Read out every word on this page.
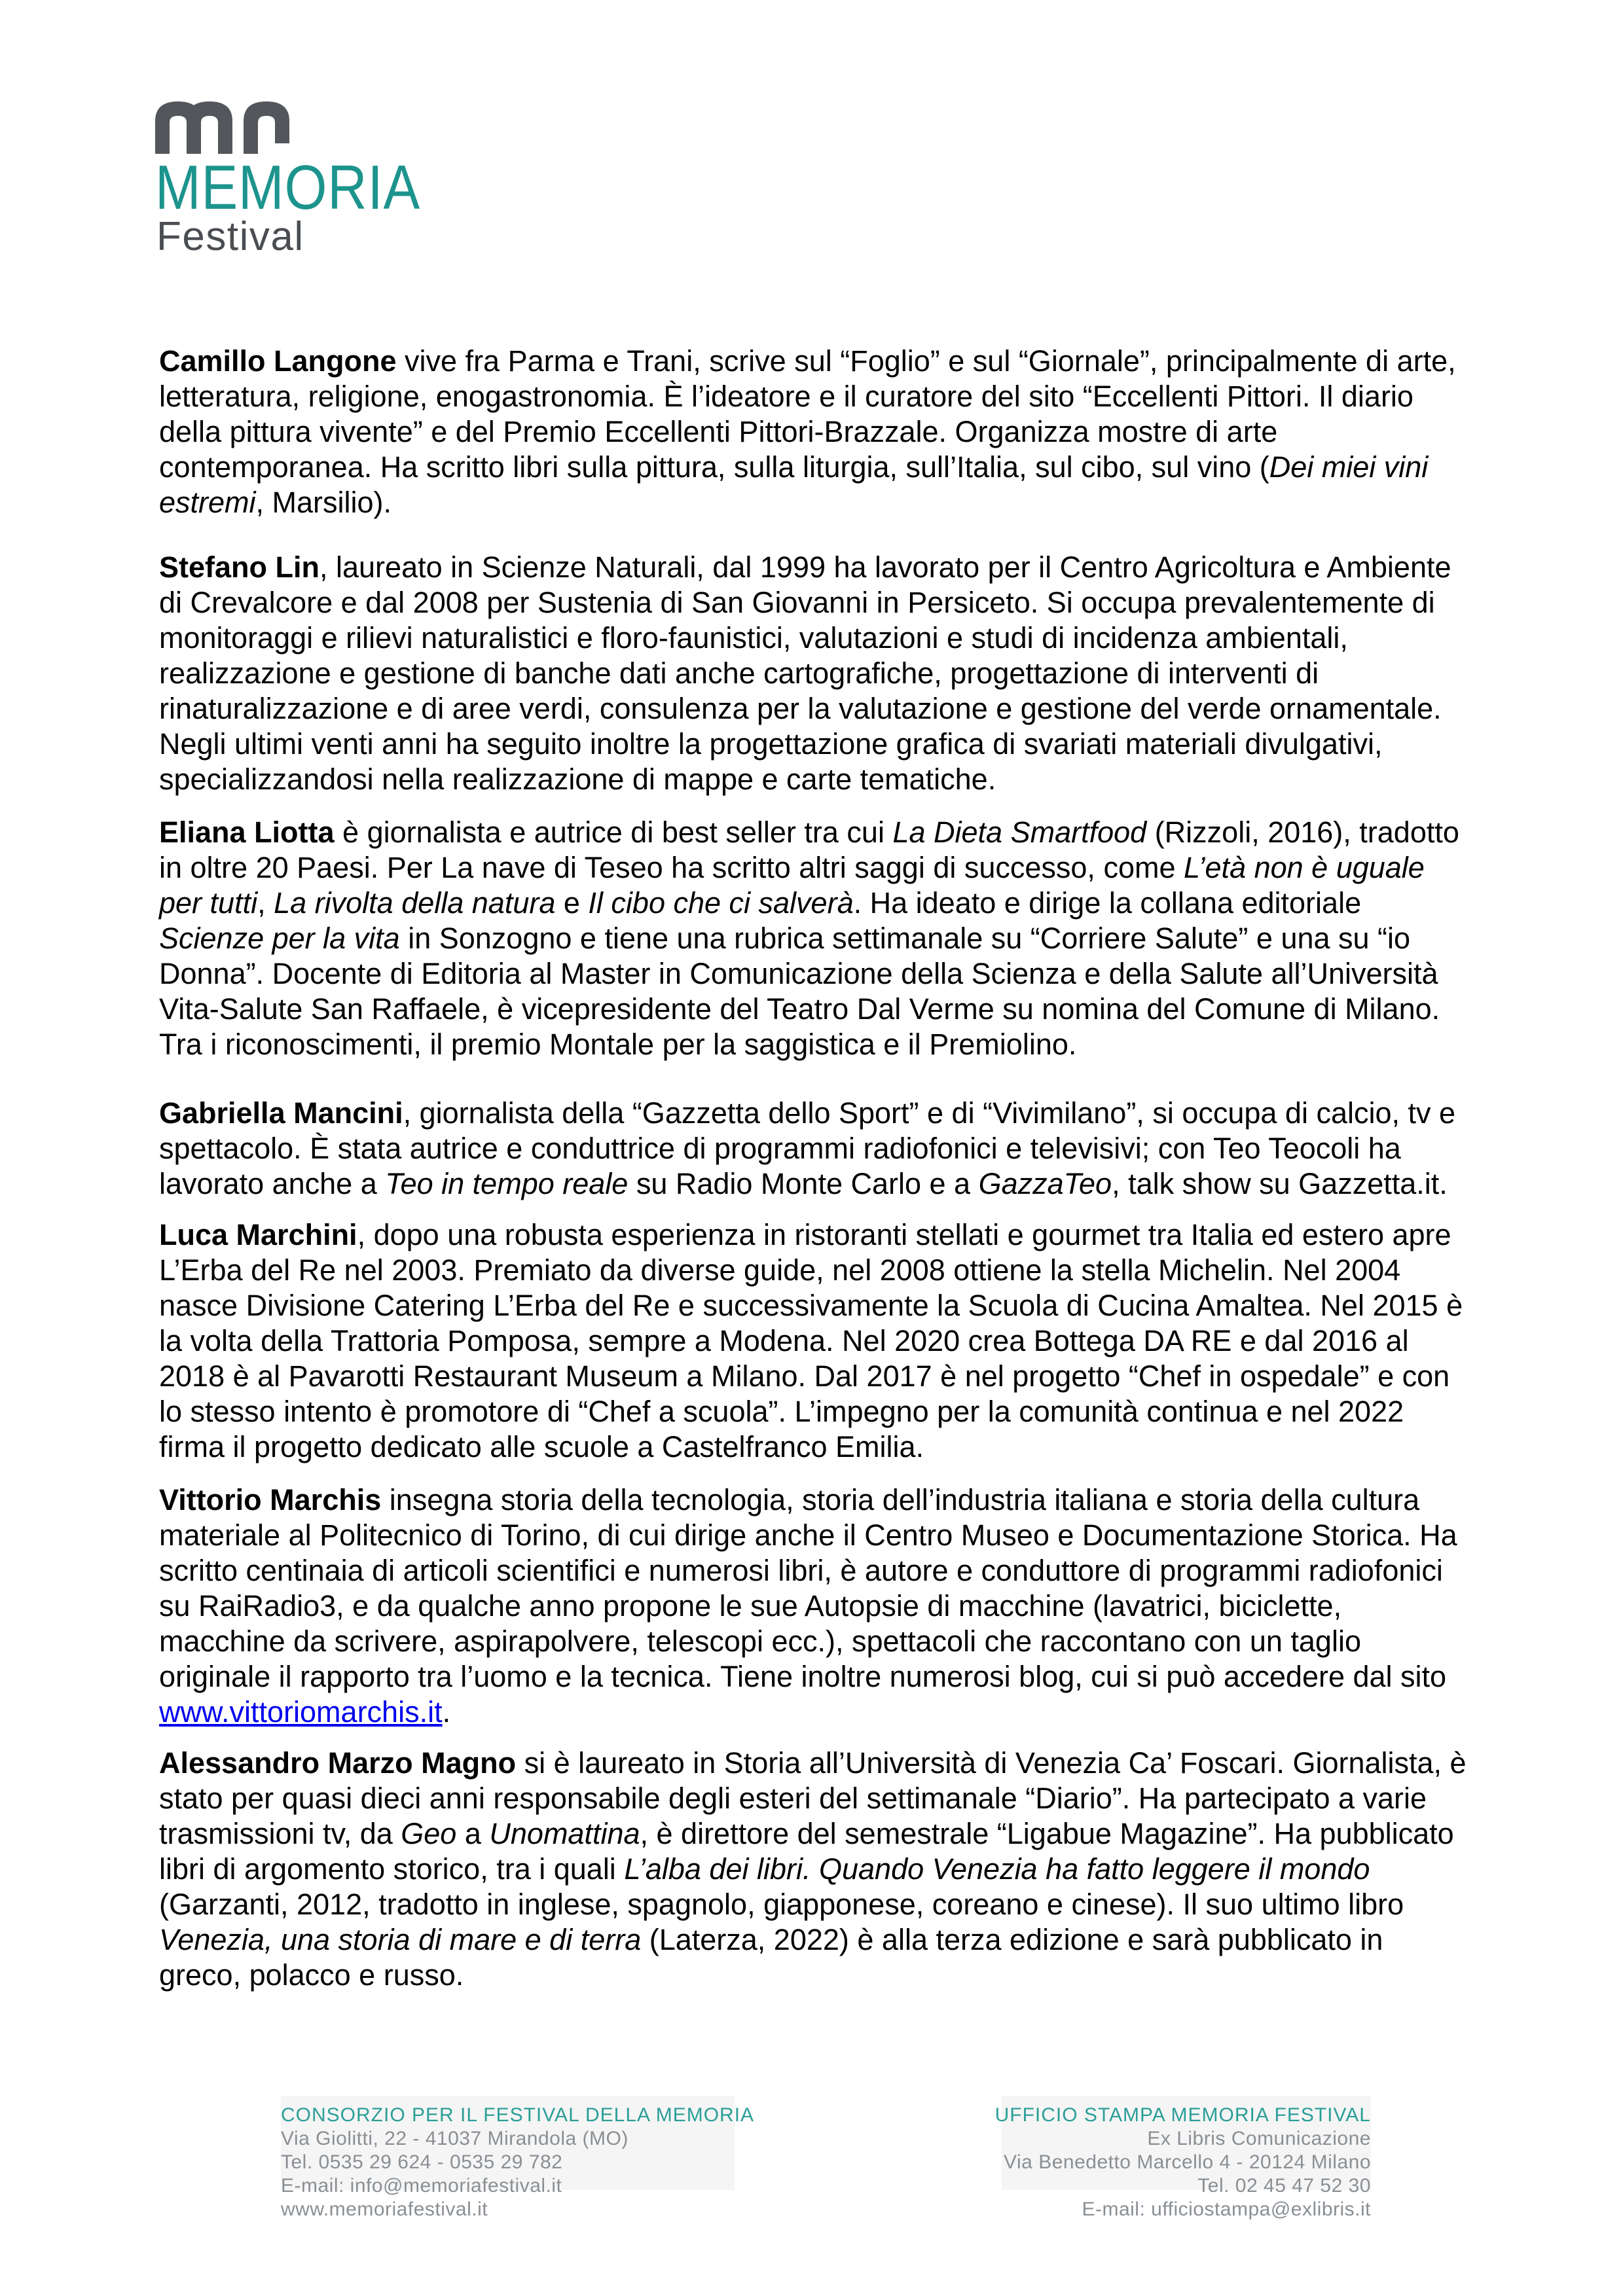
MEMORIA
Festival

Camillo Langone vive fra Parma e Trani, scrive sul “Foglio” e sul “Giornale”, principalmente di arte, letteratura, religione, enogastronomia. È l’ideatore e il curatore del sito “Eccellenti Pittori. Il diario della pittura vivente” e del Premio Eccellenti Pittori-Brazzale. Organizza mostre di arte contemporanea. Ha scritto libri sulla pittura, sulla liturgia, sull’Italia, sul cibo, sul vino (Dei miei vini estremi, Marsilio).

Stefano Lin, laureato in Scienze Naturali, dal 1999 ha lavorato per il Centro Agricoltura e Ambiente di Crevalcore e dal 2008 per Sustenia di San Giovanni in Persiceto. Si occupa prevalentemente di monitoraggi e rilievi naturalistici e floro-faunistici, valutazioni e studi di incidenza ambientali, realizzazione e gestione di banche dati anche cartografiche, progettazione di interventi di rinaturalizzazione e di aree verdi, consulenza per la valutazione e gestione del verde ornamentale. Negli ultimi venti anni ha seguito inoltre la progettazione grafica di svariati materiali divulgativi, specializzandosi nella realizzazione di mappe e carte tematiche.

Eliana Liotta è giornalista e autrice di best seller tra cui La Dieta Smartfood (Rizzoli, 2016), tradotto in oltre 20 Paesi. Per La nave di Teseo ha scritto altri saggi di successo, come L’età non è uguale per tutti, La rivolta della natura e Il cibo che ci salverà. Ha ideato e dirige la collana editoriale Scienze per la vita in Sonzogno e tiene una rubrica settimanale su “Corriere Salute” e una su “io Donna”. Docente di Editoria al Master in Comunicazione della Scienza e della Salute all’Università Vita-Salute San Raffaele, è vicepresidente del Teatro Dal Verme su nomina del Comune di Milano. Tra i riconoscimenti, il premio Montale per la saggistica e il Premiolino.

Gabriella Mancini, giornalista della “Gazzetta dello Sport” e di “Vivimilano”, si occupa di calcio, tv e spettacolo. È stata autrice e conduttrice di programmi radiofonici e televisivi; con Teo Teocoli ha lavorato anche a Teo in tempo reale su Radio Monte Carlo e a GazzaTeo, talk show su Gazzetta.it.

Luca Marchini, dopo una robusta esperienza in ristoranti stellati e gourmet tra Italia ed estero apre L’Erba del Re nel 2003. Premiato da diverse guide, nel 2008 ottiene la stella Michelin. Nel 2004 nasce Divisione Catering L’Erba del Re e successivamente la Scuola di Cucina Amaltea. Nel 2015 è la volta della Trattoria Pomposa, sempre a Modena. Nel 2020 crea Bottega DA RE e dal 2016 al 2018 è al Pavarotti Restaurant Museum a Milano. Dal 2017 è nel progetto “Chef in ospedale” e con lo stesso intento è promotore di “Chef a scuola”. L’impegno per la comunità continua e nel 2022 firma il progetto dedicato alle scuole a Castelfranco Emilia.

Vittorio Marchis insegna storia della tecnologia, storia dell’industria italiana e storia della cultura materiale al Politecnico di Torino, di cui dirige anche il Centro Museo e Documentazione Storica. Ha scritto centinaia di articoli scientifici e numerosi libri, è autore e conduttore di programmi radiofonici su RaiRadio3, e da qualche anno propone le sue Autopsie di macchine (lavatrici, biciclette, macchine da scrivere, aspirapolvere, telescopi ecc.), spettacoli che raccontano con un taglio originale il rapporto tra l’uomo e la tecnica. Tiene inoltre numerosi blog, cui si può accedere dal sito www.vittoriomarchis.it.

Alessandro Marzo Magno si è laureato in Storia all’Università di Venezia Ca’ Foscari. Giornalista, è stato per quasi dieci anni responsabile degli esteri del settimanale “Diario”. Ha partecipato a varie trasmissioni tv, da Geo a Unomattina, è direttore del semestrale “Ligabue Magazine”. Ha pubblicato libri di argomento storico, tra i quali L’alba dei libri. Quando Venezia ha fatto leggere il mondo (Garzanti, 2012, tradotto in inglese, spagnolo, giapponese, coreano e cinese). Il suo ultimo libro Venezia, una storia di mare e di terra (Laterza, 2022) è alla terza edizione e sarà pubblicato in greco, polacco e russo.

CONSORZIO PER IL FESTIVAL DELLA MEMORIA
Via Giolitti, 22 - 41037 Mirandola (MO)
Tel. 0535 29 624 - 0535 29 782
E-mail: info@memoriafestival.it
www.memoriafestival.it
UFFICIO STAMPA MEMORIA FESTIVAL
Ex Libris Comunicazione
Via Benedetto Marcello 4 - 20124 Milano
Tel. 02 45 47 52 30
E-mail: ufficiostampa@exlibris.it
